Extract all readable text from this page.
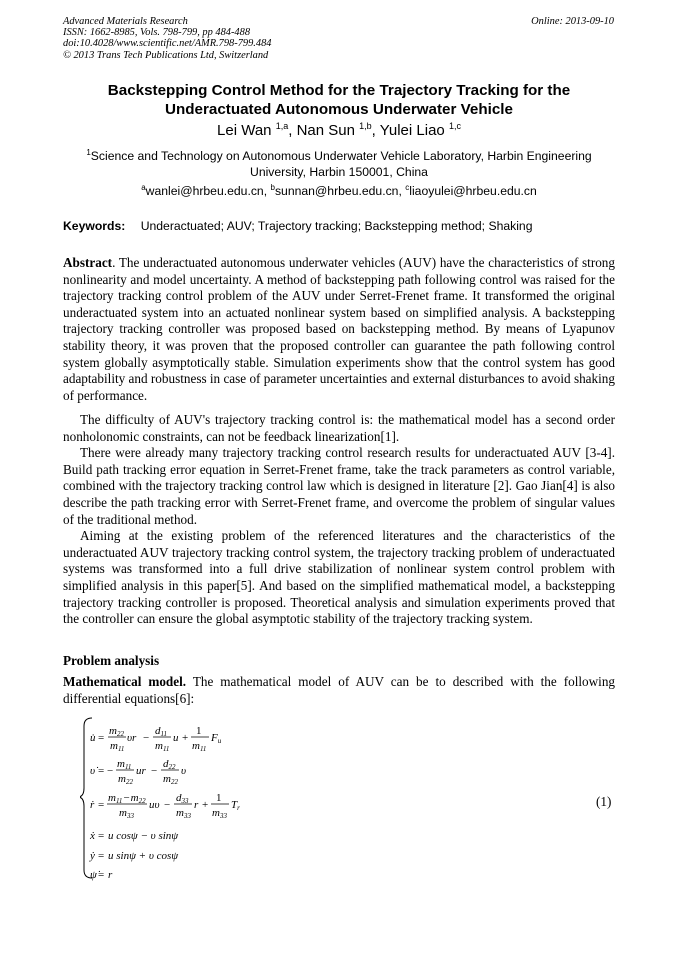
Advanced Materials Research
ISSN: 1662-8985, Vols. 798-799, pp 484-488
doi:10.4028/www.scientific.net/AMR.798-799.484
© 2013 Trans Tech Publications Ltd, Switzerland
Online: 2013-09-10
Backstepping Control Method for the Trajectory Tracking for the
Underactuated Autonomous Underwater Vehicle
Lei Wan $^{1,a}$, Nan Sun $^{1,b}$, Yulei Liao $^{1,c}$
$^1$Science and Technology on Autonomous Underwater Vehicle Laboratory, Harbin Engineering
University, Harbin 150001, China
$^a$wanlei@hrbeu.edu.cn, $^b$sunnan@hrbeu.edu.cn, $^c$liaoyulei@hrbeu.edu.cn
Keywords: Underactuated; AUV; Trajectory tracking; Backstepping method; Shaking

Abstract. The underactuated autonomous underwater vehicles (AUV) have the characteristics of strong nonlinearity and model uncertainty. A method of backstepping path following control was raised for the trajectory tracking control problem of the AUV under Serret-Frenet frame. It transformed the original underactuated system into an actuated nonlinear system based on simplified analysis. A backstepping trajectory tracking controller was proposed based on backstepping method. By means of Lyapunov stability theory, it was proven that the proposed controller can guarantee the path following control system globally asymptotically stable. Simulation experiments show that the control system has good adaptability and robustness in case of parameter uncertainties and external disturbances to avoid shaking of performance.

The difficulty of AUV's trajectory tracking control is: the mathematical model has a second order nonholonomic constraints, can not be feedback linearization[1].

There were already many trajectory tracking control research results for underactuated AUV [3-4]. Build path tracking error equation in Serret-Frenet frame, take the track parameters as control variable, combined with the trajectory tracking control law which is designed in literature [2]. Gao Jian[4] is also describe the path tracking error with Serret-Frenet frame, and overcome the problem of singular values of the traditional method.

Aiming at the existing problem of the referenced literatures and the characteristics of the underactuated AUV trajectory tracking control system, the trajectory tracking problem of underactuated systems was transformed into a full drive stabilization of nonlinear system control problem with simplified analysis in this paper[5]. And based on the simplified mathematical model, a backstepping trajectory tracking controller is proposed. Theoretical analysis and simulation experiments proved that the controller can ensure the global asymptotic stability of the trajectory tracking system.

Problem analysis

Mathematical model. The mathematical model of AUV can be to described with the following differential equations[6]:

u̇ =
m22
m11
υr −
d11
m11
u +
1
m11
Fu
υ̇ = −
m11
m22
ur −
d22
m22
υ
ṙ =
m11−m22
m33
uυ −
d33
m33
r +
1
m33
Tr
ẋ = u cosψ − υ sinψ
ẏ = u sinψ + υ cosψ
ψ̇ = r
(1)
